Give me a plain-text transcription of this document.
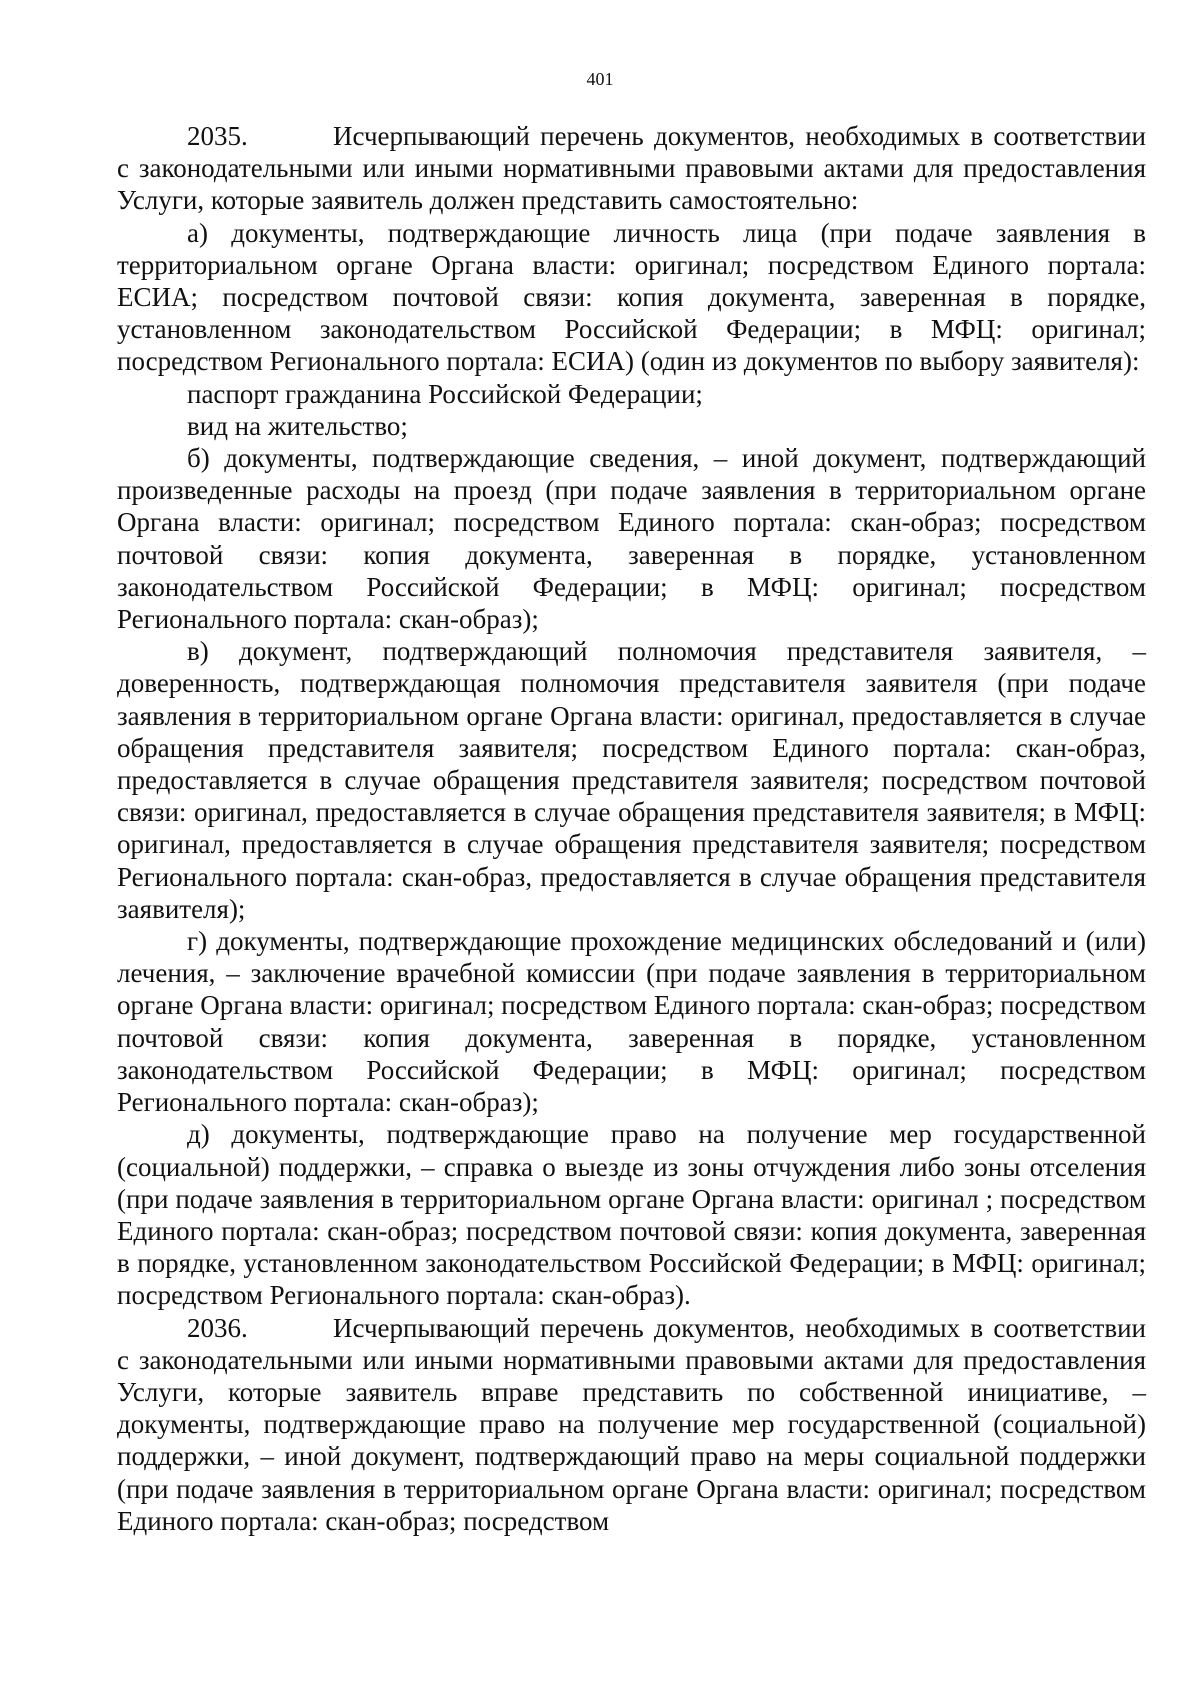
401

2035.	Исчерпывающий перечень документов, необходимых в соответствии с законодательными или иными нормативными правовыми актами для предоставления Услуги, которые заявитель должен представить самостоятельно:

а) документы, подтверждающие личность лица (при подаче заявления в территориальном органе Органа власти: оригинал; посредством Единого портала: ЕСИА; посредством почтовой связи: копия документа, заверенная в порядке, установленном законодательством Российской Федерации; в МФЦ: оригинал; посредством Регионального портала: ЕСИА) (один из документов по выбору заявителя):

паспорт гражданина Российской Федерации;

вид на жительство;

б) документы, подтверждающие сведения, – иной документ, подтверждающий произведенные расходы на проезд (при подаче заявления в территориальном органе Органа власти: оригинал; посредством Единого портала: скан-образ; посредством почтовой связи: копия документа, заверенная в порядке, установленном законодательством Российской Федерации; в МФЦ: оригинал; посредством Регионального портала: скан-образ);

в) документ, подтверждающий полномочия представителя заявителя, – доверенность, подтверждающая полномочия представителя заявителя (при подаче заявления в территориальном органе Органа власти: оригинал, предоставляется в случае обращения представителя заявителя; посредством Единого портала: скан-образ, предоставляется в случае обращения представителя заявителя; посредством почтовой связи: оригинал, предоставляется в случае обращения представителя заявителя; в МФЦ: оригинал, предоставляется в случае обращения представителя заявителя; посредством Регионального портала: скан-образ, предоставляется в случае обращения представителя заявителя);

г) документы, подтверждающие прохождение медицинских обследований и (или) лечения, – заключение врачебной комиссии (при подаче заявления в территориальном органе Органа власти: оригинал; посредством Единого портала: скан-образ; посредством почтовой связи: копия документа, заверенная в порядке, установленном законодательством Российской Федерации; в МФЦ: оригинал; посредством Регионального портала: скан-образ);

д) документы, подтверждающие право на получение мер государственной (социальной) поддержки, – справка о выезде из зоны отчуждения либо зоны отселения (при подаче заявления в территориальном органе Органа власти: оригинал ; посредством Единого портала: скан-образ; посредством почтовой связи: копия документа, заверенная в порядке, установленном законодательством Российской Федерации; в МФЦ: оригинал; посредством Регионального портала: скан-образ).

2036.	Исчерпывающий перечень документов, необходимых в соответствии с законодательными или иными нормативными правовыми актами для предоставления Услуги, которые заявитель вправе представить по собственной инициативе, – документы, подтверждающие право на получение мер государственной (социальной) поддержки, – иной документ, подтверждающий право на меры социальной поддержки (при подаче заявления в территориальном органе Органа власти: оригинал; посредством Единого портала: скан-образ; посредством
